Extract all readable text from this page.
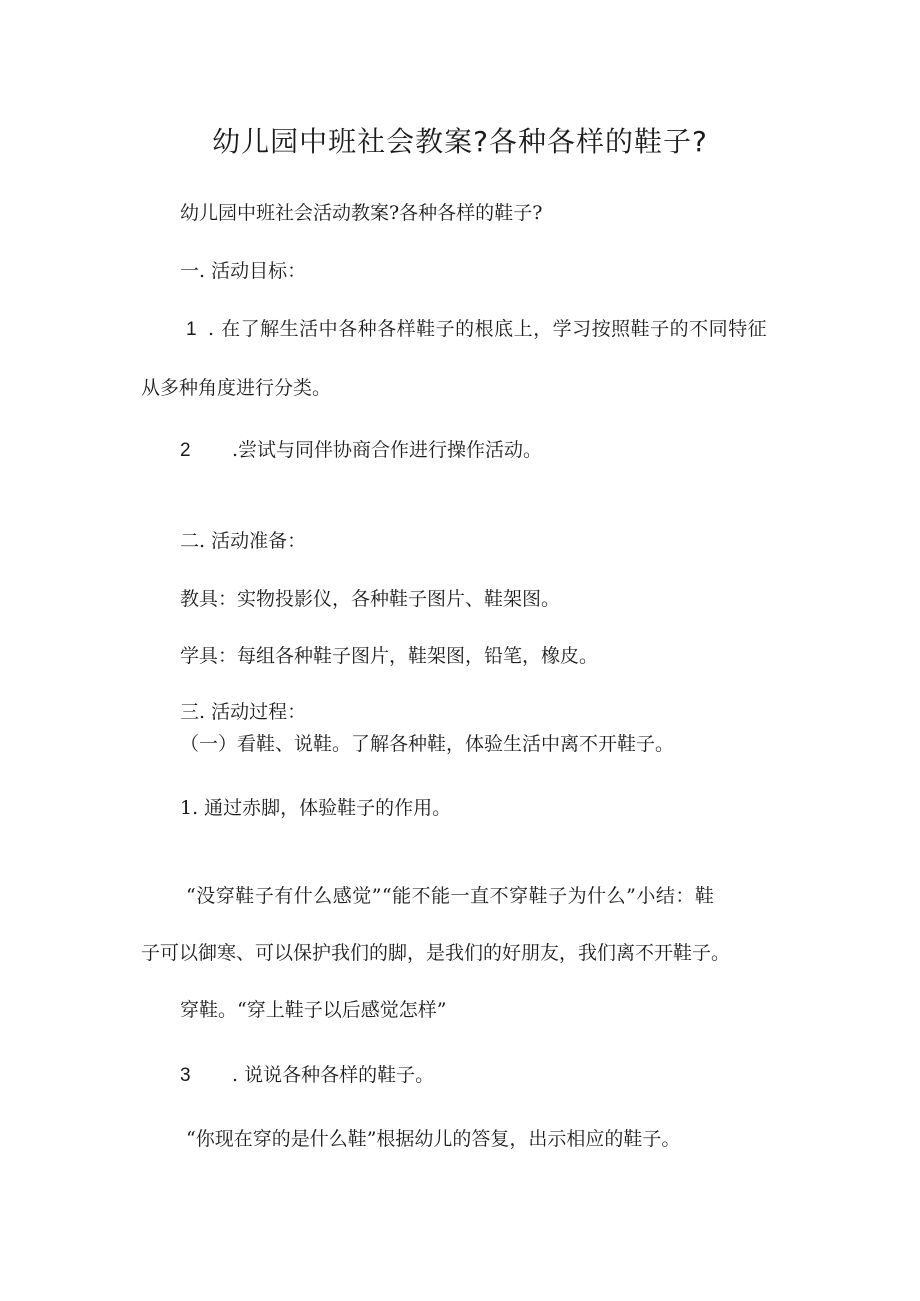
幼儿园中班社会教案?各种各样的鞋子?
幼儿园中班社会活动教案?各种各样的鞋子?
一. 活动目标：
1 . 在了解生活中各种各样鞋子的根底上，学习按照鞋子的不同特征
从多种角度进行分类。
2 .尝试与同伴协商合作进行操作活动。
二. 活动准备：
教具：实物投影仪，各种鞋子图片、鞋架图。
学具：每组各种鞋子图片，鞋架图，铅笔，橡皮。
三. 活动过程：
（一）看鞋、说鞋。了解各种鞋，体验生活中离不开鞋子。
1. 通过赤脚，体验鞋子的作用。
“没穿鞋子有什么感觉”“能不能一直不穿鞋子为什么”小结：鞋
子可以御寒、可以保护我们的脚，是我们的好朋友，我们离不开鞋子。
穿鞋。“穿上鞋子以后感觉怎样”
3 . 说说各种各样的鞋子。
“你现在穿的是什么鞋”根据幼儿的答复，出示相应的鞋子。
